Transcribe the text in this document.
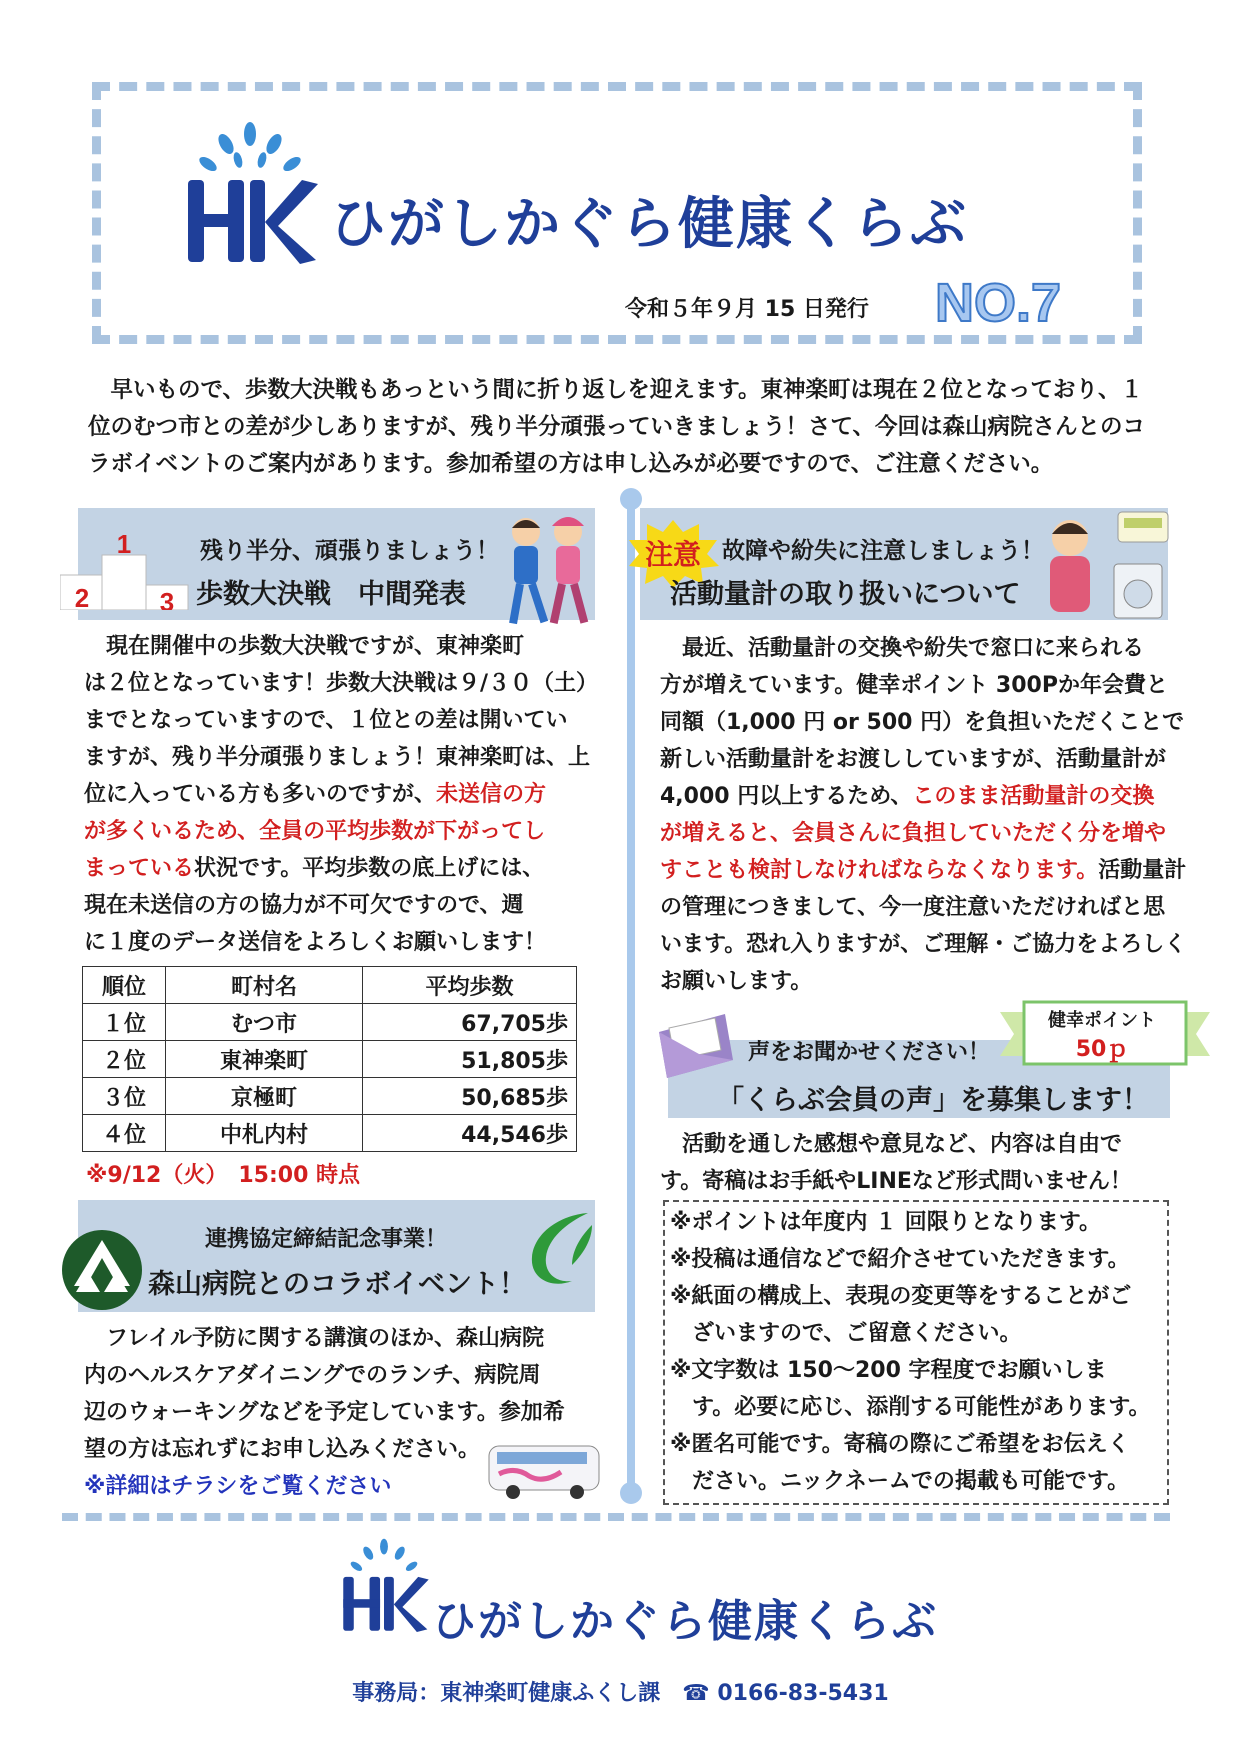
ひがしかぐら健康くらぶ
令和５年９月 15 日発行 NO.7
　早いもので、歩数大決戦もあっという間に折り返しを迎えます。東神楽町は現在２位となっており、１
位のむつ市との差が少しありますが、残り半分頑張っていきましょう！さて、今回は森山病院さんとのコ
ラボイベントのご案内があります。参加希望の方は申し込みが必要ですので、ご注意ください。
1
2	3
残り半分、頑張りましょう！
歩数大決戦　中間発表
　現在開催中の歩数大決戦ですが、東神楽町
は２位となっています！歩数大決戦は９/３０（土）
までとなっていますので、１位との差は開いてい
ますが、残り半分頑張りましょう！東神楽町は、上
位に入っている方も多いのですが、未送信の方
が多くいるため、全員の平均歩数が下がってし
まっている状況です。平均歩数の底上げには、
現在未送信の方の協力が不可欠ですので、週
に１度のデータ送信をよろしくお願いします！
順位	町村名	平均歩数
１位	むつ市	67,705歩
２位	東神楽町	51,805歩
３位	京極町	50,685歩
４位	中札内村	44,546歩
※9/12（火）　15:00 時点
連携協定締結記念事業！
森山病院とのコラボイベント！
　フレイル予防に関する講演のほか、森山病院
内のヘルスケアダイニングでのランチ、病院周
辺のウォーキングなどを予定しています。参加希
望の方は忘れずにお申し込みください。
※詳細はチラシをご覧ください
注意 故障や紛失に注意しましょう！
活動量計の取り扱いについて
　最近、活動量計の交換や紛失で窓口に来られる
方が増えています。健幸ポイント 300Pか年会費と
同額（1,000 円 or 500 円）を負担いただくことで
新しい活動量計をお渡ししていますが、活動量計が
4,000 円以上するため、このまま活動量計の交換
が増えると、会員さんに負担していただく分を増や
すことも検討しなければならなくなります。活動量計
の管理につきまして、今一度注意いただければと思
います。恐れ入りますが、ご理解・ご協力をよろしく
お願いします。
健幸ポイント
50ｐ
声をお聞かせください！
「くらぶ会員の声」を募集します！
　活動を通した感想や意見など、内容は自由で
す。寄稿はお手紙やLINEなど形式問いません！
※ポイントは年度内 １ 回限りとなります。
※投稿は通信などで紹介させていただきます。
※紙面の構成上、表現の変更等をすることがご
　ざいますので、ご留意ください。
※文字数は 150～200 字程度でお願いしま
　す。必要に応じ、添削する可能性があります。
※匿名可能です。寄稿の際にご希望をお伝えく
　ださい。ニックネームでの掲載も可能です。
ひがしかぐら健康くらぶ
事務局：東神楽町健康ふくし課　☎ 0166-83-5431
